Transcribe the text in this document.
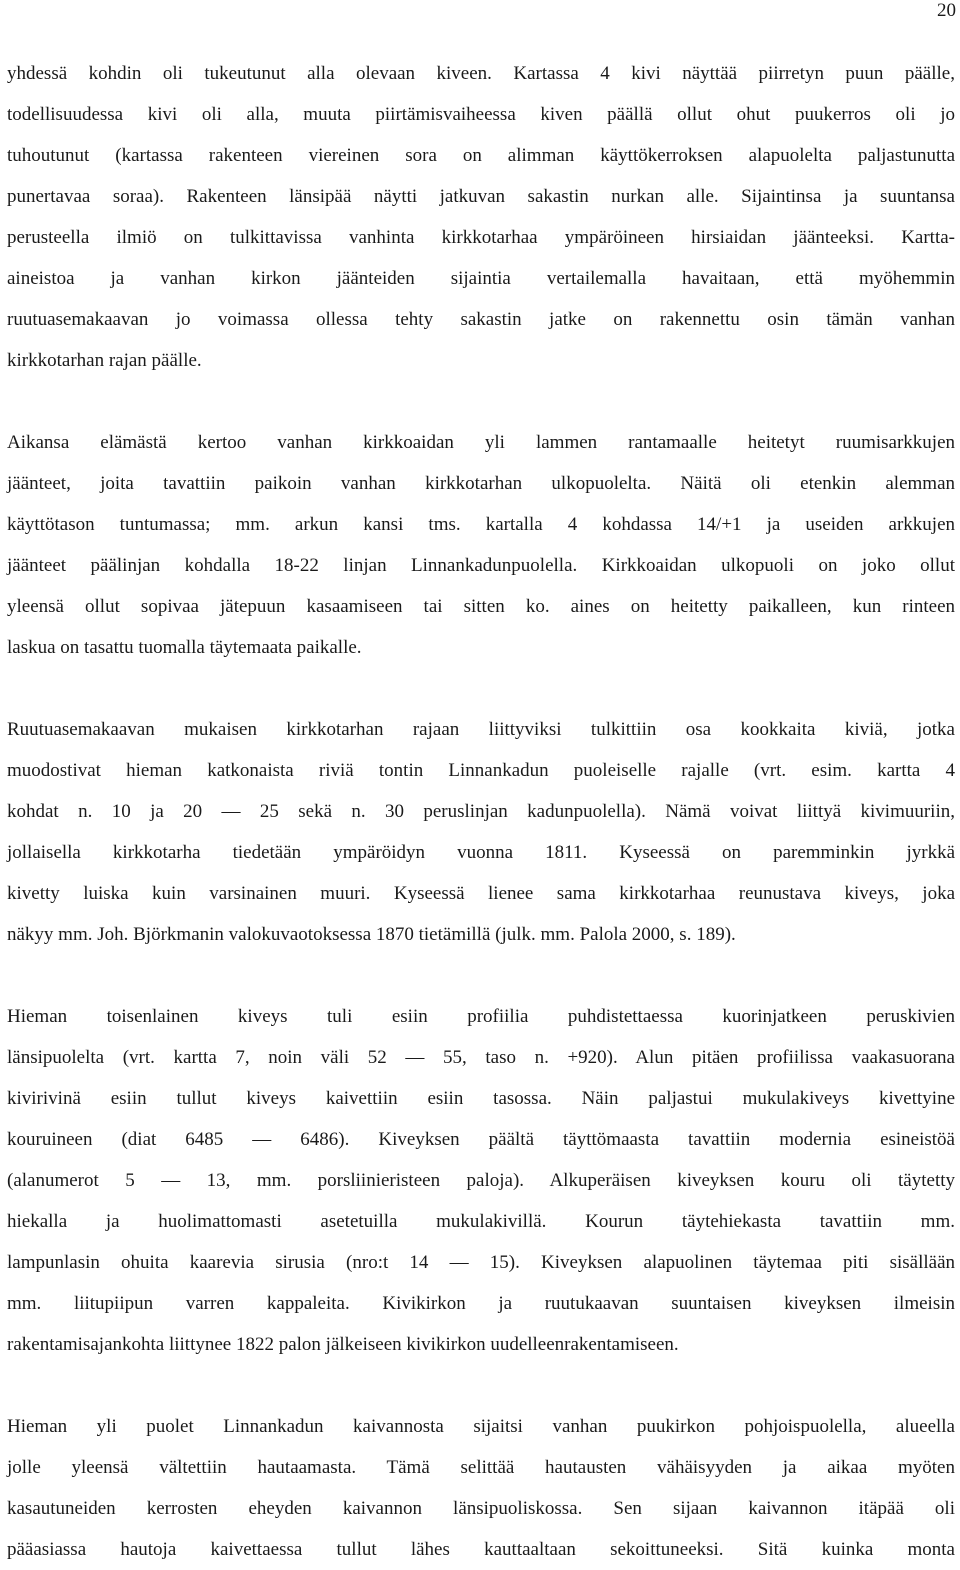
20

yhdessä kohdin oli tukeutunut alla olevaan kiveen. Kartassa 4 kivi näyttää piirretyn puun päälle,
todellisuudessa kivi oli alla, muuta piirtämisvaiheessa kiven päällä ollut ohut puukerros oli jo
tuhoutunut (kartassa rakenteen viereinen sora on alimman käyttökerroksen alapuolelta paljastunutta
punertavaa soraa). Rakenteen länsipää näytti jatkuvan sakastin nurkan alle. Sijaintinsa ja suuntansa
perusteella ilmiö on tulkittavissa vanhinta kirkkotarhaa ympäröineen hirsiaidan jäänteeksi. Kartta-
aineistoa ja vanhan kirkon jäänteiden sijaintia vertailemalla havaitaan, että myöhemmin
ruutuasemakaavan jo voimassa ollessa tehty sakastin jatke on rakennettu osin tämän vanhan
kirkkotarhan rajan päälle.

Aikansa elämästä kertoo vanhan kirkkoaidan yli lammen rantamaalle heitetyt ruumisarkkujen
jäänteet, joita tavattiin paikoin vanhan kirkkotarhan ulkopuolelta. Näitä oli etenkin alemman
käyttötason tuntumassa; mm. arkun kansi tms. kartalla 4 kohdassa 14/+1 ja useiden arkkujen
jäänteet päälinjan kohdalla 18-22 linjan Linnankadunpuolella. Kirkkoaidan ulkopuoli on joko ollut
yleensä ollut sopivaa jätepuun kasaamiseen tai sitten ko. aines on heitetty paikalleen, kun rinteen
laskua on tasattu tuomalla täytemaata paikalle.

Ruutuasemakaavan mukaisen kirkkotarhan rajaan liittyviksi tulkittiin osa kookkaita kiviä, jotka
muodostivat hieman katkonaista riviä tontin Linnankadun puoleiselle rajalle (vrt. esim. kartta 4
kohdat n. 10 ja 20 — 25 sekä n. 30 peruslinjan kadunpuolella). Nämä voivat liittyä kivimuuriin,
jollaisella kirkkotarha tiedetään ympäröidyn vuonna 1811. Kyseessä on paremminkin jyrkkä
kivetty luiska kuin varsinainen muuri. Kyseessä lienee sama kirkkotarhaa reunustava kiveys, joka
näkyy mm. Joh. Björkmanin valokuvaotoksessa 1870 tietämillä (julk. mm. Palola 2000, s. 189).

Hieman toisenlainen kiveys tuli esiin profiilia puhdistettaessa kuorinjatkeen peruskivien
länsipuolelta (vrt. kartta 7, noin väli 52 — 55, taso n. +920). Alun pitäen profiilissa vaakasuorana
kivirivinä esiin tullut kiveys kaivettiin esiin tasossa. Näin paljastui mukulakiveys kivettyine
kouruineen (diat 6485 — 6486). Kiveyksen päältä täyttömaasta tavattiin modernia esineistöä
(alanumerot 5 — 13, mm. porsliinieristeen paloja). Alkuperäisen kiveyksen kouru oli täytetty
hiekalla ja huolimattomasti asetetuilla mukulakivillä. Kourun täytehiekasta tavattiin mm.
lampunlasin ohuita kaarevia sirusia (nro:t 14 — 15). Kiveyksen alapuolinen täytemaa piti sisällään
mm. liitupiipun varren kappaleita. Kivikirkon ja ruutukaavan suuntaisen kiveyksen ilmeisin
rakentamisajankohta liittynee 1822 palon jälkeiseen kivikirkon uudelleenrakentamiseen.

Hieman yli puolet Linnankadun kaivannosta sijaitsi vanhan puukirkon pohjoispuolella, alueella
jolle yleensä vältettiin hautaamasta. Tämä selittää hautausten vähäisyyden ja aikaa myöten
kasautuneiden kerrosten eheyden kaivannon länsipuoliskossa. Sen sijaan kaivannon itäpää oli
pääasiassa hautoja kaivettaessa tullut lähes kauttaaltaan sekoittuneeksi. Sitä kuinka monta
